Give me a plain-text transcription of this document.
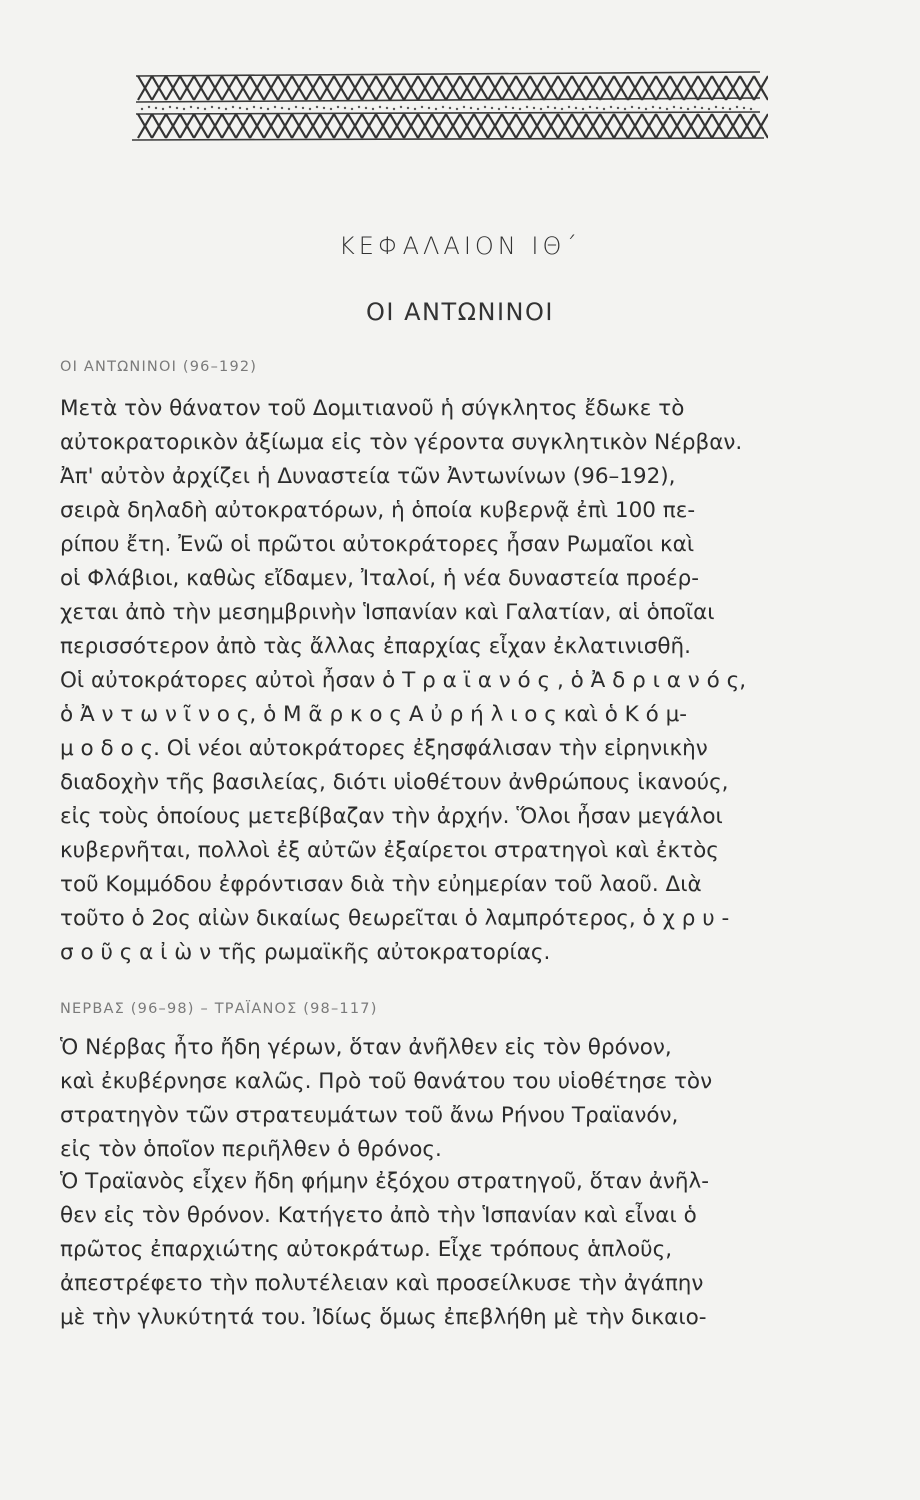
ΚΕΦΑΛΑΙΟΝ ΙΘ΄
ΟΙ ΑΝΤΩΝΙΝΟΙ
ΟΙ ΑΝΤΩΝΙΝΟΙ (96–192)
Μετὰ τὸν θάνατον τοῦ Δομιτιανοῦ ἡ σύγκλητος ἔδωκε τὸ
αὐτοκρατορικὸν ἀξίωμα εἰς τὸν γέροντα συγκλητικὸν Νέρβαν.
Ἀπ' αὐτὸν ἀρχίζει ἡ Δυναστεία τῶν Ἀντωνίνων (96–192),
σειρὰ δηλαδὴ αὐτοκρατόρων, ἡ ὁποία κυβερνᾷ ἐπὶ 100 πε-
ρίπου ἔτη. Ἐνῶ οἱ πρῶτοι αὐτοκράτορες ἦσαν Ρωμαῖοι καὶ
οἱ Φλάβιοι, καθὼς εἴδαμεν, Ἰταλοί, ἡ νέα δυναστεία προέρ-
χεται ἀπὸ τὴν μεσημβρινὴν Ἱσπανίαν καὶ Γαλατίαν, αἱ ὁποῖαι
περισσότερον ἀπὸ τὰς ἄλλας ἐπαρχίας εἶχαν ἐκλατινισθῆ.
Οἱ αὐτοκράτορες αὐτοὶ ἦσαν ὁ Τ ρ α ϊ α ν ό ς , ὁ Ἀ δ ρ ι α ν ό ς,
ὁ Ἀ ν τ ω ν ῖ ν ο ς, ὁ Μ ᾶ ρ κ ο ς Α ὐ ρ ή λ ι ο ς καὶ ὁ Κ ό μ-
μ ο δ ο ς. Οἱ νέοι αὐτοκράτορες ἐξησφάλισαν τὴν εἰρηνικὴν
διαδοχὴν τῆς βασιλείας, διότι υἱοθέτουν ἀνθρώπους ἱκανούς,
εἰς τοὺς ὁποίους μετεβίβαζαν τὴν ἀρχήν. Ὅλοι ἦσαν μεγάλοι
κυβερνῆται, πολλοὶ ἐξ αὐτῶν ἐξαίρετοι στρατηγοὶ καὶ ἐκτὸς
τοῦ Κομμόδου ἐφρόντισαν διὰ τὴν εὐημερίαν τοῦ λαοῦ. Διὰ
τοῦτο ὁ 2ος αἰὼν δικαίως θεωρεῖται ὁ λαμπρότερος, ὁ χ ρ υ -
σ ο ῦ ς α ἰ ὼ ν τῆς ρωμαϊκῆς αὐτοκρατορίας.
ΝΕΡΒΑΣ (96–98) – ΤΡΑΪΑΝΟΣ (98–117)
Ὁ Νέρβας ἦτο ἤδη γέρων, ὅταν ἀνῆλθεν εἰς τὸν θρόνον,
καὶ ἐκυβέρνησε καλῶς. Πρὸ τοῦ θανάτου του υἱοθέτησε τὸν
στρατηγὸν τῶν στρατευμάτων τοῦ ἄνω Ρήνου Τραϊανόν,
εἰς τὸν ὁποῖον περιῆλθεν ὁ θρόνος.
Ὁ Τραϊανὸς εἶχεν ἤδη φήμην ἐξόχου στρατηγοῦ, ὅταν ἀνῆλ-
θεν εἰς τὸν θρόνον. Κατήγετο ἀπὸ τὴν Ἱσπανίαν καὶ εἶναι ὁ
πρῶτος ἐπαρχιώτης αὐτοκράτωρ. Εἶχε τρόπους ἁπλοῦς,
ἀπεστρέφετο τὴν πολυτέλειαν καὶ προσείλκυσε τὴν ἀγάπην
μὲ τὴν γλυκύτητά του. Ἰδίως ὅμως ἐπεβλήθη μὲ τὴν δικαιο-
